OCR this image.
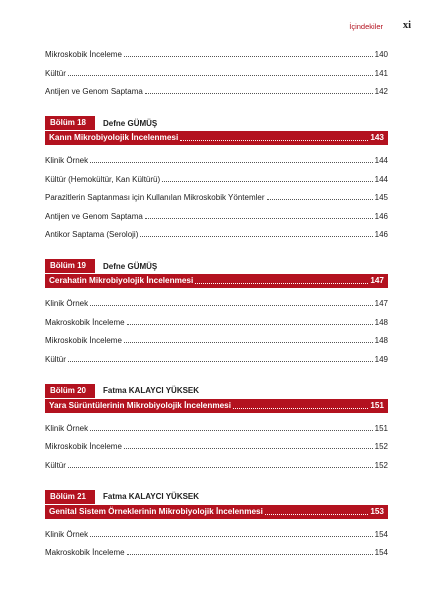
İçindekiler xi
Mikroskobik İnceleme	140
Kültür	141
Antijen ve Genom Saptama	142
Bölüm 18	Defne GÜMÜŞ
Kanın Mikrobiyolojik İncelenmesi	143
Klinik Örnek	144
Kültür (Hemokültür, Kan Kültürü)	144
Parazitlerin Saptanması için Kullanılan Mikroskobik Yöntemler	145
Antijen ve Genom Saptama	146
Antikor Saptama (Seroloji)	146
Bölüm 19	Defne GÜMÜŞ
Cerahatin Mikrobiyolojik İncelenmesi	147
Klinik Örnek	147
Makroskobik İnceleme	148
Mikroskobik İnceleme	148
Kültür	149
Bölüm 20	Fatma KALAYCI YÜKSEK
Yara Sürüntülerinin Mikrobiyolojik İncelenmesi	151
Klinik Örnek	151
Mikroskobik İnceleme	152
Kültür	152
Bölüm 21	Fatma KALAYCI YÜKSEK
Genital Sistem Örneklerinin Mikrobiyolojik İncelenmesi	153
Klinik Örnek	154
Makroskobik İnceleme	154
